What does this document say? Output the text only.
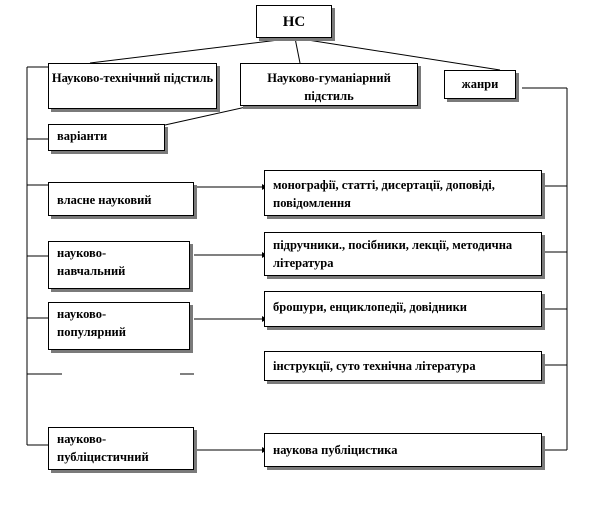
НС
Науково-технічний підстиль	Науково-гуманіарний підстиль
жанри
варіанти
власне науковий
науково-навчальний
науково-популярний
науково-публіцистичний
монографії, статті, дисертації, доповіді, повідомлення
підручники., посібники, лекції, методична література
брошури, енциклопедії, довідники
інструкції, суто технічна література
наукова публіцистика
